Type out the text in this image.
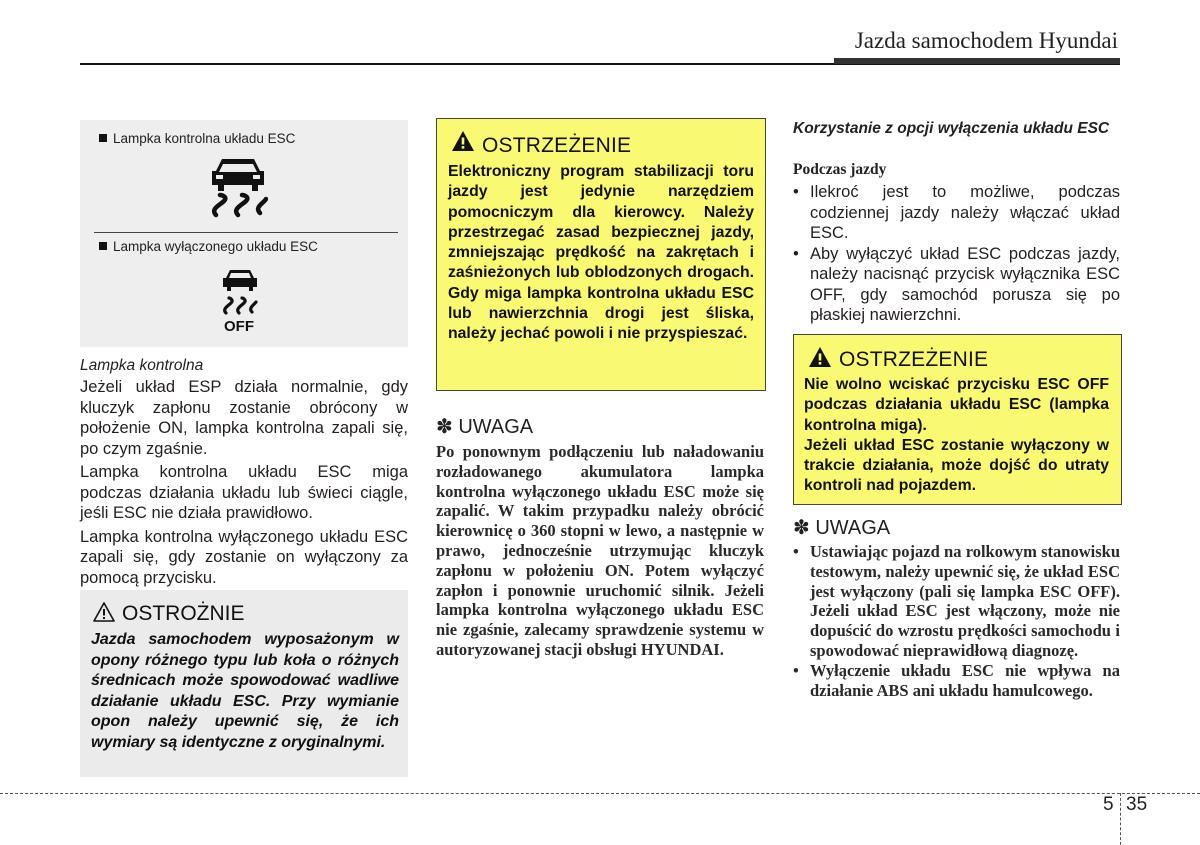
Jazda samochodem Hyundai
Lampka kontrolna układu ESC
Lampka wyłączonego układu ESC
OFF
Lampka kontrolna

Jeżeli układ ESP działa normalnie, gdy kluczyk zapłonu zostanie obrócony w położenie ON, lampka kontrolna zapali się, po czym zgaśnie.

Lampka kontrolna układu ESC miga podczas działania układu lub świeci ciągle, jeśli ESC nie działa prawidłowo.

Lampka kontrolna wyłączonego układu ESC zapali się, gdy zostanie on wyłączony za pomocą przycisku.

OSTROŻNIE
Jazda samochodem wyposażonym w opony różnego typu lub koła o różnych średnicach może spowodować wadliwe działanie układu ESC. Przy wymianie opon należy upewnić się, że ich wymiary są identyczne z oryginalnymi.
OSTRZEŻENIE
Elektroniczny program stabilizacji toru jazdy jest jedynie narzędziem pomocniczym dla kierowcy. Należy przestrzegać zasad bezpiecznej jazdy, zmniejszając prędkość na zakrętach i zaśnieżonych lub oblodzonych drogach. Gdy miga lampka kontrolna układu ESC lub nawierzchnia drogi jest śliska, należy jechać powoli i nie przyspieszać.
✽ UWAGA
Po ponownym podłączeniu lub naładowaniu rozładowanego akumulatora lampka kontrolna wyłączonego układu ESC może się zapalić. W takim przypadku należy obrócić kierownicę o 360 stopni w lewo, a następnie w prawo, jednocześnie utrzymując kluczyk zapłonu w położeniu ON. Potem wyłączyć zapłon i ponownie uruchomić silnik. Jeżeli lampka kontrolna wyłączonego układu ESC nie zgaśnie, zalecamy sprawdzenie systemu w autoryzowanej stacji obsługi HYUNDAI.
Korzystanie z opcji wyłączenia układu ESC
Podczas jazdy
• Ilekroć jest to możliwe, podczas codziennej jazdy należy włączać układ ESC.
• Aby wyłączyć układ ESC podczas jazdy, należy nacisnąć przycisk wyłącznika ESC OFF, gdy samochód porusza się po płaskiej nawierzchni.
OSTRZEŻENIE
Nie wolno wciskać przycisku ESC OFF podczas działania układu ESC (lampka kontrolna miga).
Jeżeli układ ESC zostanie wyłączony w trakcie działania, może dojść do utraty kontroli nad pojazdem.
✽ UWAGA
• Ustawiając pojazd na rolkowym stanowisku testowym, należy upewnić się, że układ ESC jest wyłączony (pali się lampka ESC OFF). Jeżeli układ ESC jest włączony, może nie dopuścić do wzrostu prędkości samochodu i spowodować nieprawidłową diagnozę.
• Wyłączenie układu ESC nie wpływa na działanie ABS ani układu hamulcowego.
5 35
